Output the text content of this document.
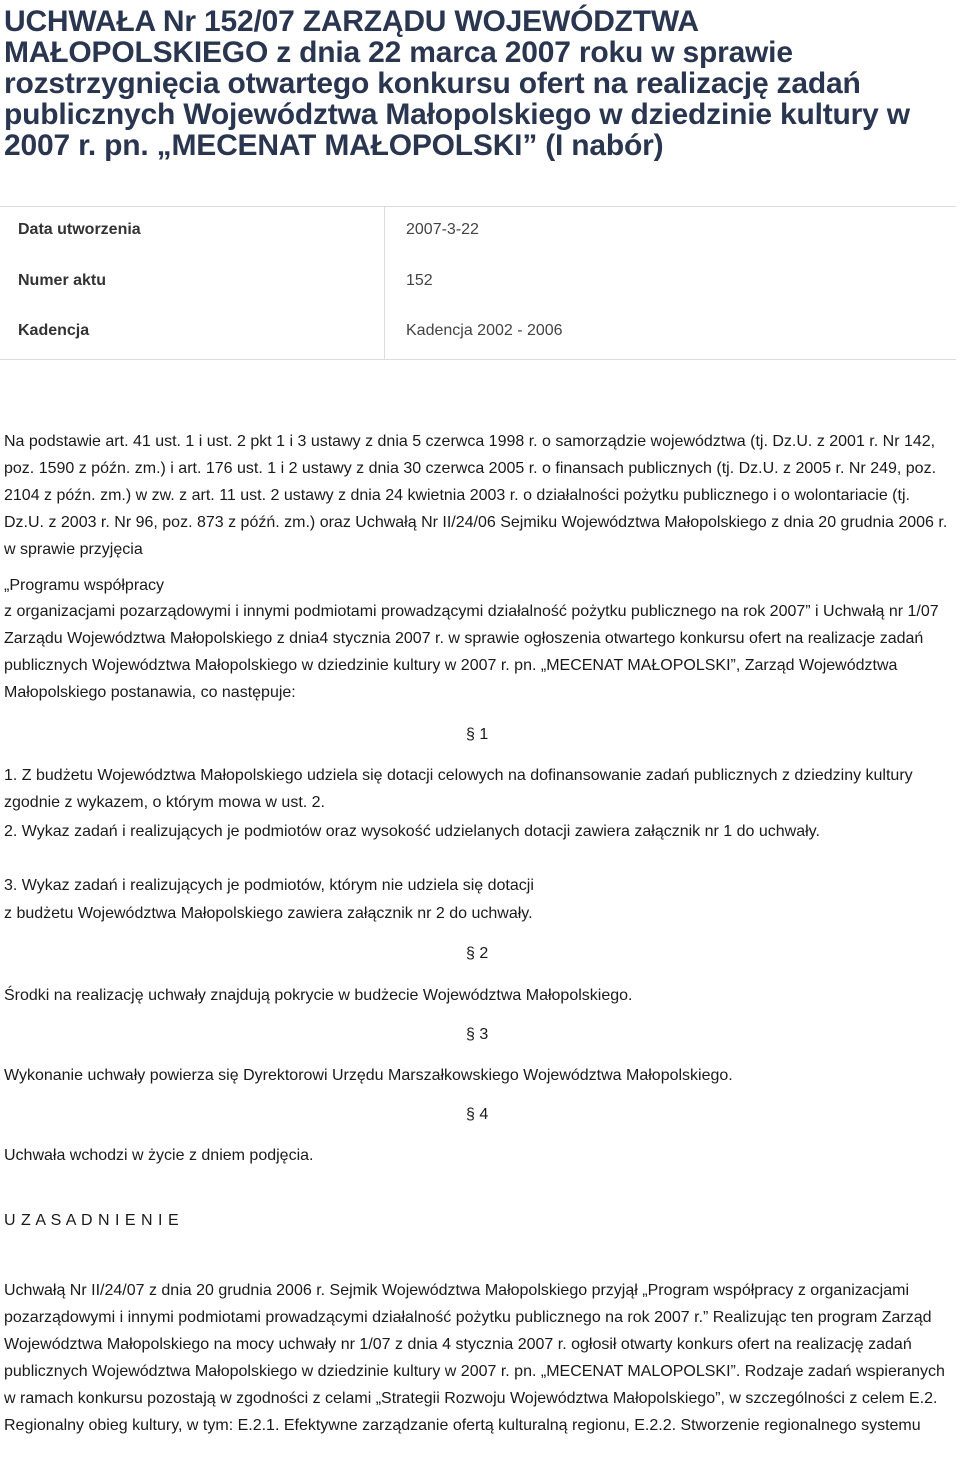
UCHWAŁA Nr 152/07 ZARZĄDU WOJEWÓDZTWA MAŁOPOLSKIEGO z dnia 22 marca 2007 roku w sprawie rozstrzygnięcia otwartego konkursu ofert na realizację zadań publicznych Województwa Małopolskiego w dziedzinie kultury w 2007 r. pn. „MECENAT MAŁOPOLSKI” (I nabór)
Data utworzenia	2007-3-22
Numer aktu	152
Kadencja	Kadencja 2002 - 2006

Na podstawie art. 41 ust. 1 i ust. 2 pkt 1 i 3 ustawy z dnia 5 czerwca 1998 r. o samorządzie województwa (tj. Dz.U. z 2001 r. Nr 142, poz. 1590 z późn. zm.) i art. 176 ust. 1 i 2 ustawy z dnia 30 czerwca 2005 r. o finansach publicznych (tj. Dz.U. z 2005 r. Nr 249, poz. 2104 z późn. zm.) w zw. z art. 11 ust. 2 ustawy z dnia 24 kwietnia 2003 r. o działalności pożytku publicznego i o wolontariacie (tj. Dz.U. z 2003 r. Nr 96, poz. 873 z późń. zm.) oraz Uchwałą Nr II/24/06 Sejmiku Województwa Małopolskiego z dnia 20 grudnia 2006 r. w sprawie przyjęcia

„Programu współpracy

z organizacjami pozarządowymi i innymi podmiotami prowadzącymi działalność pożytku publicznego na rok 2007” i Uchwałą nr 1/07 Zarządu Województwa Małopolskiego z dnia4 stycznia 2007 r. w sprawie ogłoszenia otwartego konkursu ofert na realizacje zadań publicznych Województwa Małopolskiego w dziedzinie kultury w 2007 r. pn. „MECENAT MAŁOPOLSKI”, Zarząd Województwa Małopolskiego postanawia, co następuje:

§ 1

1. Z budżetu Województwa Małopolskiego udziela się dotacji celowych na dofinansowanie zadań publicznych z dziedziny kultury zgodnie z wykazem, o którym mowa w ust. 2.

2. Wykaz zadań i realizujących je podmiotów oraz wysokość udzielanych dotacji zawiera załącznik nr 1 do uchwały.

3. Wykaz zadań i realizujących je podmiotów, którym nie udziela się dotacji

z budżetu Województwa Małopolskiego zawiera załącznik nr 2 do uchwały.

§ 2

Środki na realizację uchwały znajdują pokrycie w budżecie Województwa Małopolskiego.

§ 3

Wykonanie uchwały powierza się Dyrektorowi Urzędu Marszałkowskiego Województwa Małopolskiego.

§ 4

Uchwała wchodzi w życie z dniem podjęcia.

U Z A S A D N I E N I E

Uchwałą Nr II/24/07 z dnia 20 grudnia 2006 r. Sejmik Województwa Małopolskiego przyjął „Program współpracy z organizacjami pozarządowymi i innymi podmiotami prowadzącymi działalność pożytku publicznego na rok 2007 r.” Realizując ten program Zarząd Województwa Małopolskiego na mocy uchwały nr 1/07 z dnia 4 stycznia 2007 r. ogłosił otwarty konkurs ofert na realizację zadań publicznych Województwa Małopolskiego w dziedzinie kultury w 2007 r. pn. „MECENAT MALOPOLSKI”. Rodzaje zadań wspieranych w ramach konkursu pozostają w zgodności z celami „Strategii Rozwoju Województwa Małopolskiego”, w szczególności z celem E.2. Regionalny obieg kultury, w tym: E.2.1. Efektywne zarządzanie ofertą kulturalną regionu, E.2.2. Stworzenie regionalnego systemu
